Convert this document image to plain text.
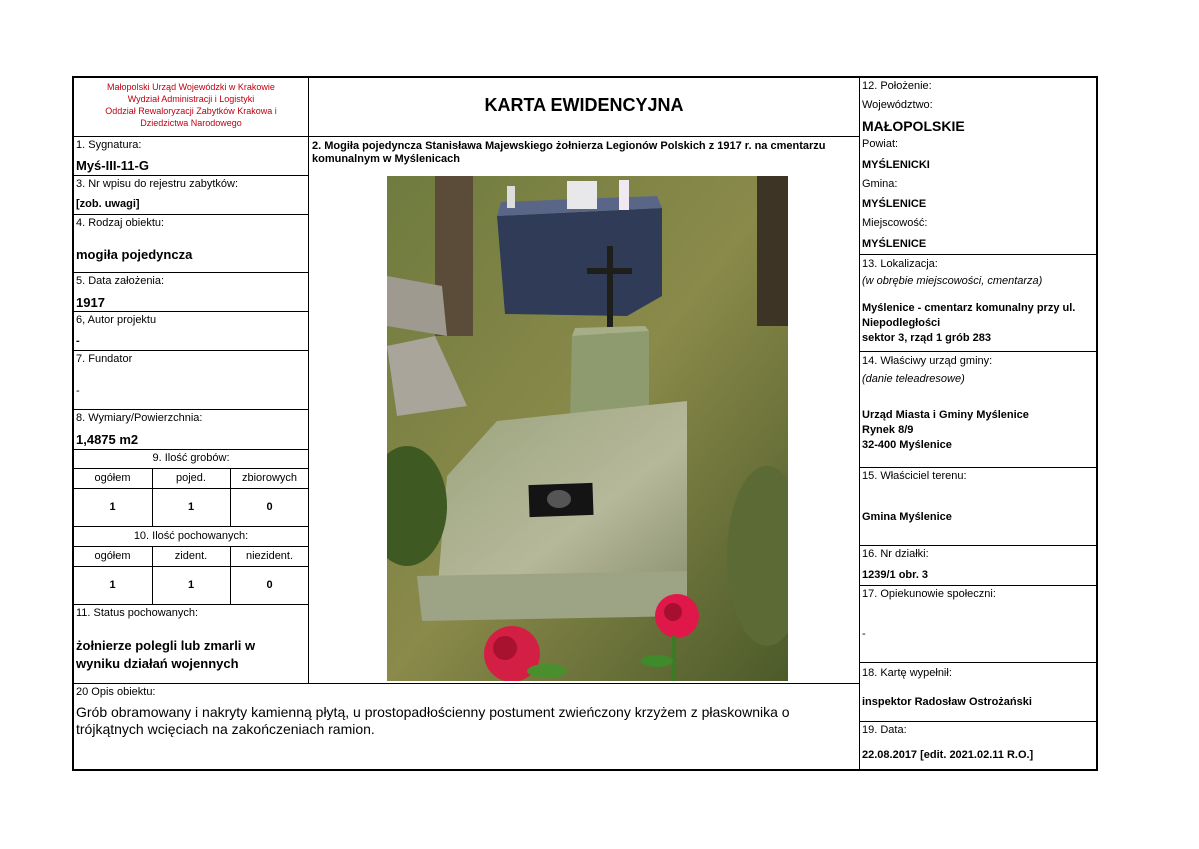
Małopolski Urząd Wojewódzki w Krakowie
Wydział Administracji i Logistyki
Oddział Rewaloryzacji Zabytków Krakowa i
Dziedzictwa Narodowego
KARTA EWIDENCYJNA
2. Mogiła pojedyncza Stanisława Majewskiego żołnierza Legionów Polskich z 1917 r. na cmentarzu
komunalnym w Myślenicach
1. Sygnatura:
Myś-III-11-G
3. Nr wpisu do rejestru zabytków:
[zob. uwagi]
4. Rodzaj obiektu:
mogiła pojedyncza
5. Data założenia:
1917
6, Autor projektu
-
7. Fundator
-
8. Wymiary/Powierzchnia:
1,4875 m2
9. Ilość grobów:
ogółem	pojed.	zbiorowych
1	1	0
10. Ilość pochowanych:
ogółem	zident.	niezident.
1	1	0
11. Status pochowanych:
żołnierze polegli lub zmarli w
wyniku działań wojennych
20 Opis obiektu:
Grób obramowany i nakryty kamienną płytą, u prostopadłościenny postument zwieńczony krzyżem z płaskownika o
trójkątnych wcięciach na zakończeniach ramion.
12. Położenie:
Województwo:
MAŁOPOLSKIE
Powiat:
MYŚLENICKI
Gmina:
MYŚLENICE
Miejscowość:
MYŚLENICE
13. Lokalizacja:
(w obrębie miejscowości, cmentarza)
Myślenice - cmentarz komunalny przy ul.
Niepodległości
sektor 3, rząd 1 grób 283
14. Właściwy urząd gminy:
(danie teleadresowe)
Urząd Miasta i Gminy Myślenice
Rynek 8/9
32-400 Myślenice
15. Właściciel terenu:
Gmina Myślenice
16. Nr działki:
1239/1 obr. 3
17. Opiekunowie społeczni:
-
18. Kartę wypełnił:
inspektor Radosław Ostrożański
19. Data:
22.08.2017 [edit. 2021.02.11 R.O.]
